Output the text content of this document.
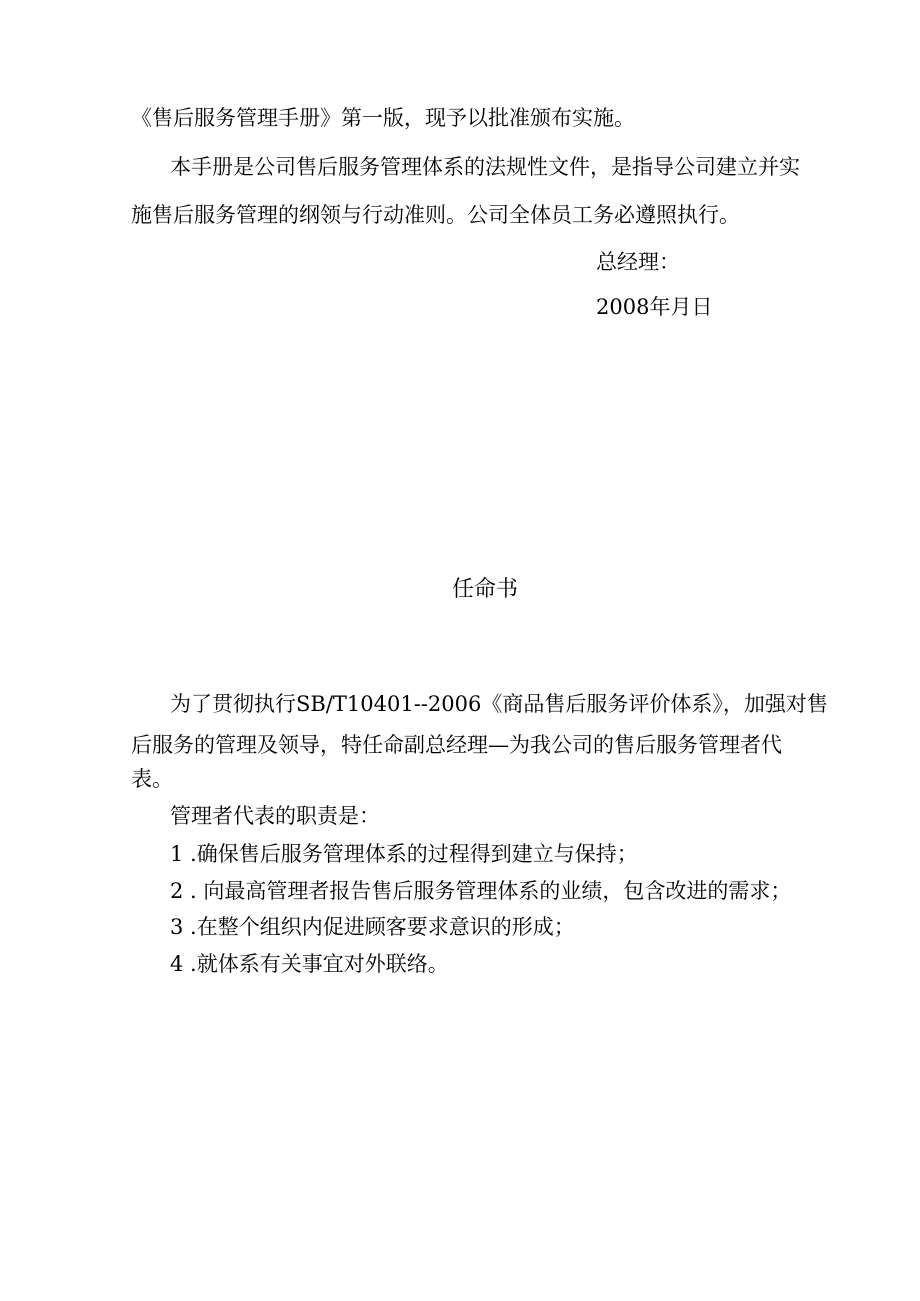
《售后服务管理手册》第一版，现予以批准颁布实施。
本手册是公司售后服务管理体系的法规性文件，是指导公司建立并实
施售后服务管理的纲领与行动准则。公司全体员工务必遵照执行。
总经理：
2008年月日
任命书
为了贯彻执行SB/T10401--2006《商品售后服务评价体系》，加强对售
后服务的管理及领导，特任命副总经理—为我公司的售后服务管理者代
表。
管理者代表的职责是：
1 .确保售后服务管理体系的过程得到建立与保持；
2 . 向最高管理者报告售后服务管理体系的业绩，包含改进的需求；
3 .在整个组织内促进顾客要求意识的形成；
4 .就体系有关事宜对外联络。
